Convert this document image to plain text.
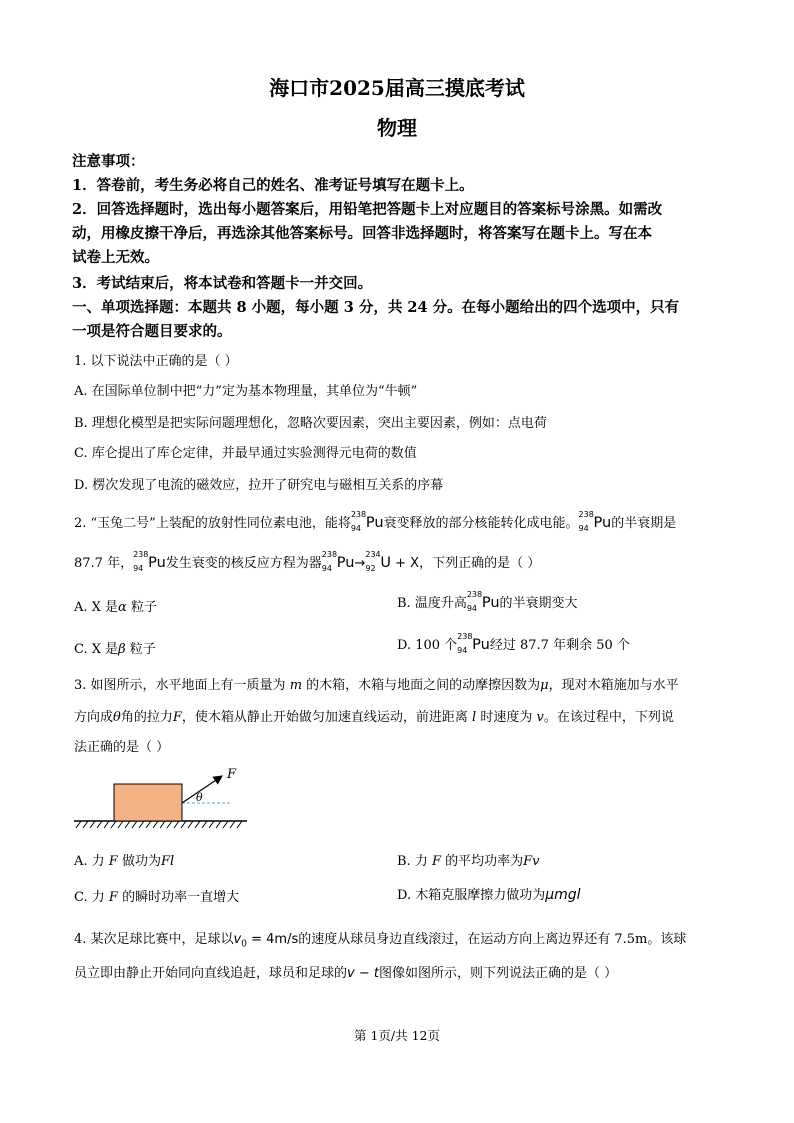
海口市2025届高三摸底考试
物理
注意事项：
1．答卷前，考生务必将自己的姓名、准考证号填写在题卡上。
2．回答选择题时，选出每小题答案后，用铅笔把答题卡上对应题目的答案标号涂黑。如需改
动，用橡皮擦干净后，再选涂其他答案标号。回答非选择题时，将答案写在题卡上。写在本
试卷上无效。
3．考试结束后，将本试卷和答题卡一并交回。
一、单项选择题：本题共 8 小题，每小题 3 分，共 24 分。在每小题给出的四个选项中，只有
一项是符合题目要求的。
1. 以下说法中正确的是（ ）
A. 在国际单位制中把“力”定为基本物理量，其单位为“牛顿”
B. 理想化模型是把实际问题理想化，忽略次要因素，突出主要因素，例如：点电荷
C. 库仑提出了库仑定律，并最早通过实验测得元电荷的数值
D. 楞次发现了电流的磁效应，拉开了研究电与磁相互关系的序幕
2. “玉兔二号”上装配的放射性同位素电池，能将
238
94 Pu衰变释放的部分核能转化成电能。
238
94 Pu的半衰期是
87.7 年，
238
94 Pu发生衰变的核反应方程为器
238
94 Pu→
234
92 U + X，下列正确的是（ ）
A. X 是α 粒子	B. 温度升高
238
94 Pu的半衰期变大
C. X 是β 粒子	D. 100 个
238
94 Pu经过 87.7 年剩余 50 个
3. 如图所示，水平地面上有一质量为 m 的木箱，木箱与地面之间的动摩擦因数为μ，现对木箱施加与水平
方向成θ角的拉力F，使木箱从静止开始做匀加速直线运动，前进距离 l 时速度为 v。在该过程中，下列说
法正确的是（ ）
F
θ
A. 力 F 做功为Fl	B. 力 F 的平均功率为Fv
C. 力 F 的瞬时功率一直增大	D. 木箱克服摩擦力做功为μmgl
4. 某次足球比赛中，足球以$v_0 = 4m/s$的速度从球员身边直线滚过，在运动方向上离边界还有 7.5m。该球
员立即由静止开始同向直线追赶，球员和足球的v − t图像如图所示，则下列说法正确的是（ ）
第 1页/共 12页
